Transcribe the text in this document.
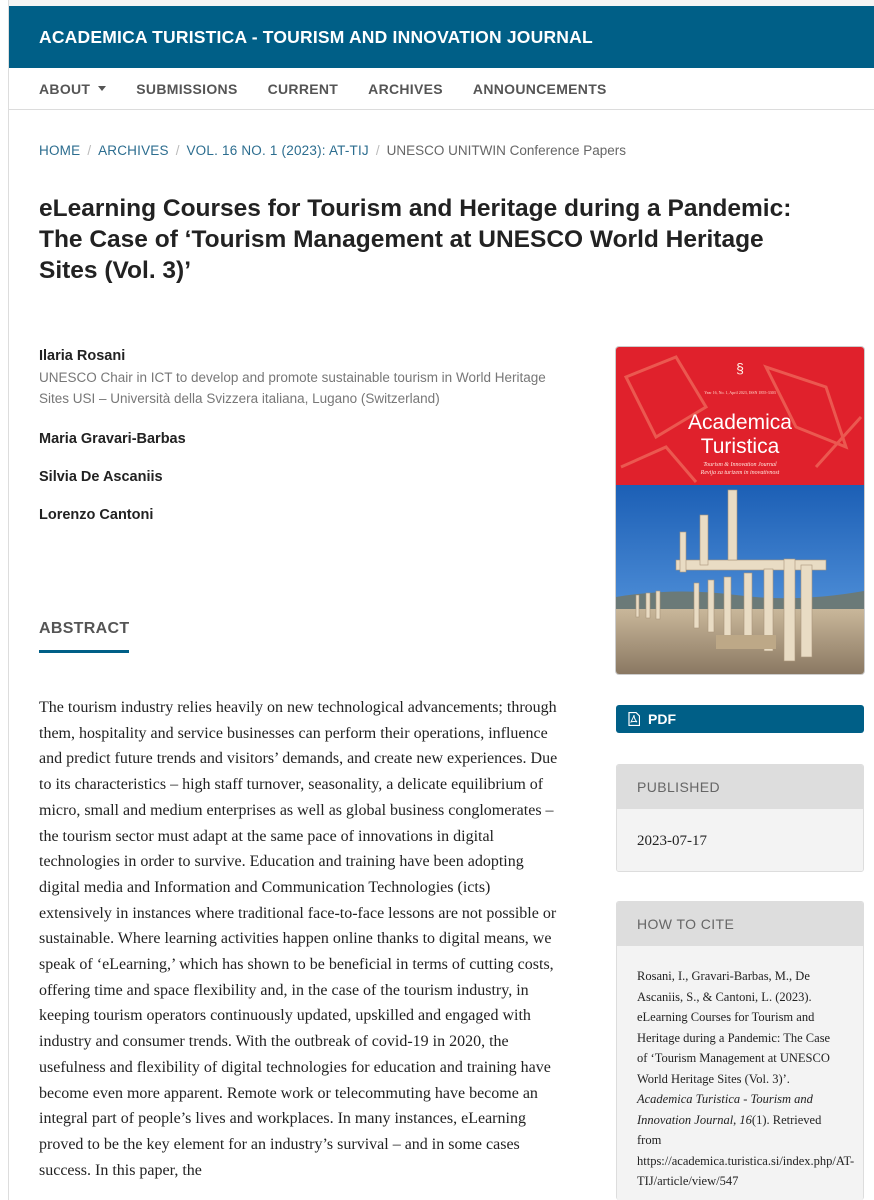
ACADEMICA TURISTICA - TOURISM AND INNOVATION JOURNAL
ABOUT	SUBMISSIONS CURRENT ARCHIVES ANNOUNCEMENTS
HOME / ARCHIVES / VOL. 16 NO. 1 (2023): AT-TIJ / UNESCO UNITWIN Conference Papers
eLearning Courses for Tourism and Heritage during a Pandemic: The Case of ‘Tourism Management at UNESCO World Heritage Sites (Vol. 3)’
Ilaria Rosani
UNESCO Chair in ICT to develop and promote sustainable tourism in World Heritage Sites USI – Università della Svizzera italiana, Lugano (Switzerland)
Maria Gravari-Barbas
Silvia De Ascaniis
Lorenzo Cantoni
ABSTRACT

The tourism industry relies heavily on new technological advancements; through them, hospitality and service businesses can perform their operations, influence and predict future trends and visitors’ demands, and create new experiences. Due to its characteristics – high staff turnover, seasonality, a delicate equilibrium of micro, small and medium enterprises as well as global business conglomerates – the tourism sector must adapt at the same pace of innovations in digital technologies in order to survive. Education and training have been adopting digital media and Information and Communication Technologies (icts) extensively in instances where traditional face-to-face lessons are not possible or sustainable. Where learning activities happen online thanks to digital means, we speak of ‘eLearning,’ which has shown to be beneficial in terms of cutting costs, offering time and space flexibility and, in the case of the tourism industry, in keeping tourism operators continuously updated, upskilled and engaged with industry and consumer trends. With the outbreak of covid-19 in 2020, the usefulness and flexibility of digital technologies for education and training have become even more apparent. Remote work or telecommuting have become an integral part of people’s lives and workplaces. In many instances, eLearning proved to be the key element for an industry’s survival – and in some cases success. In this paper, the

Year 16, No. 1, April 2023, ISSN 1855-3303
§
Academica
Turistica
Tourism & Innovation Journal
Revija za turizem in inovativnost
PDF
PUBLISHED
2023-07-17
HOW TO CITE
Rosani, I., Gravari-Barbas, M., De Ascaniis, S., & Cantoni, L. (2023). eLearning Courses for Tourism and Heritage during a Pandemic: The Case of ‘Tourism Management at UNESCO World Heritage Sites (Vol. 3)’. Academica Turistica - Tourism and Innovation Journal, 16(1). Retrieved from https://academica.turistica.si/index.php/AT-TIJ/article/view/547
